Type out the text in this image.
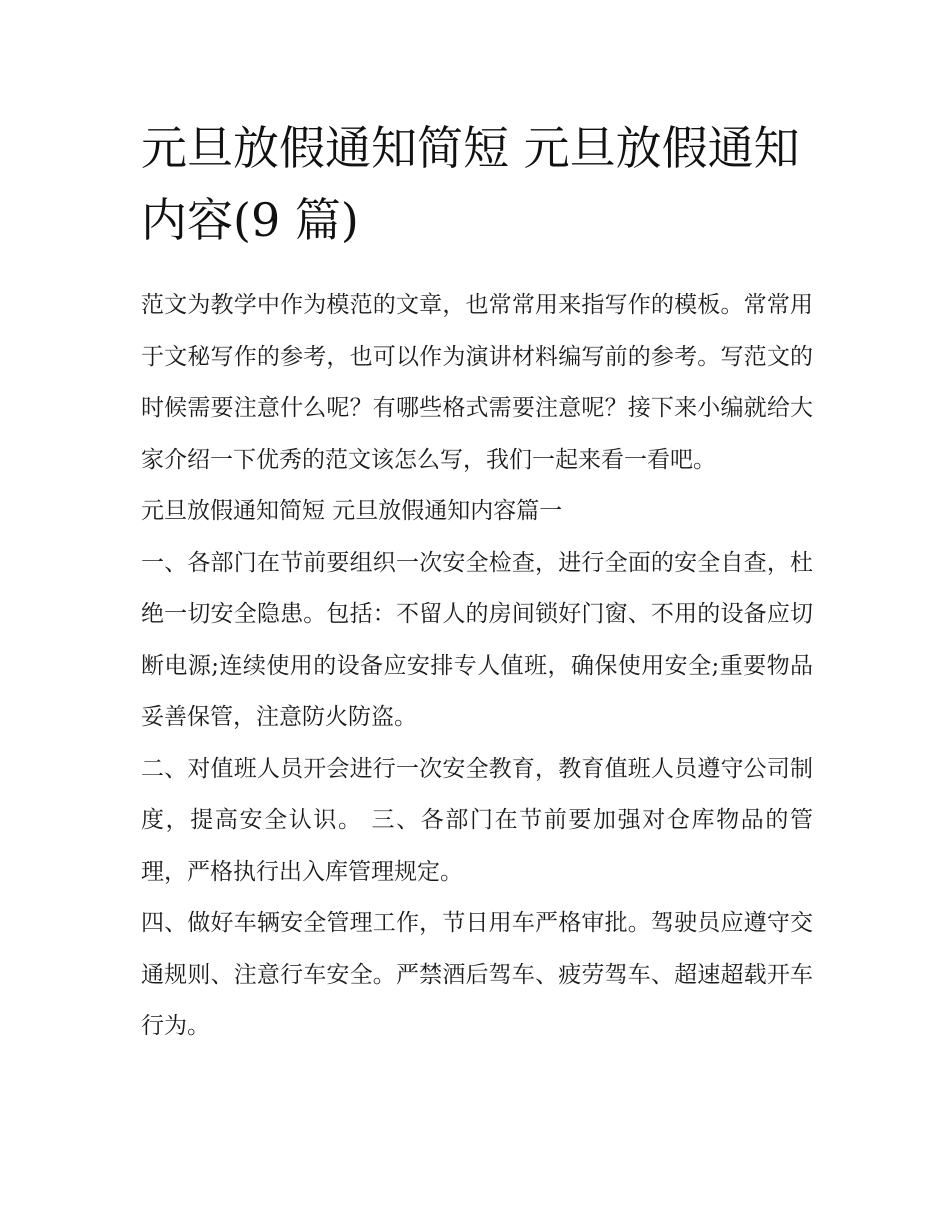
元旦放假通知简短 元旦放假通知内容(9 篇)

范文为教学中作为模范的文章，也常常用来指写作的模板。常常用于文秘写作的参考，也可以作为演讲材料编写前的参考。写范文的时候需要注意什么呢？有哪些格式需要注意呢？接下来小编就给大家介绍一下优秀的范文该怎么写，我们一起来看一看吧。

元旦放假通知简短 元旦放假通知内容篇一

一、各部门在节前要组织一次安全检查，进行全面的安全自查，杜绝一切安全隐患。包括：不留人的房间锁好门窗、不用的设备应切断电源;连续使用的设备应安排专人值班，确保使用安全;重要物品妥善保管，注意防火防盗。

二、对值班人员开会进行一次安全教育，教育值班人员遵守公司制度，提高安全认识。 三、各部门在节前要加强对仓库物品的管理，严格执行出入库管理规定。

四、做好车辆安全管理工作，节日用车严格审批。驾驶员应遵守交通规则、注意行车安全。严禁酒后驾车、疲劳驾车、超速超载开车行为。
